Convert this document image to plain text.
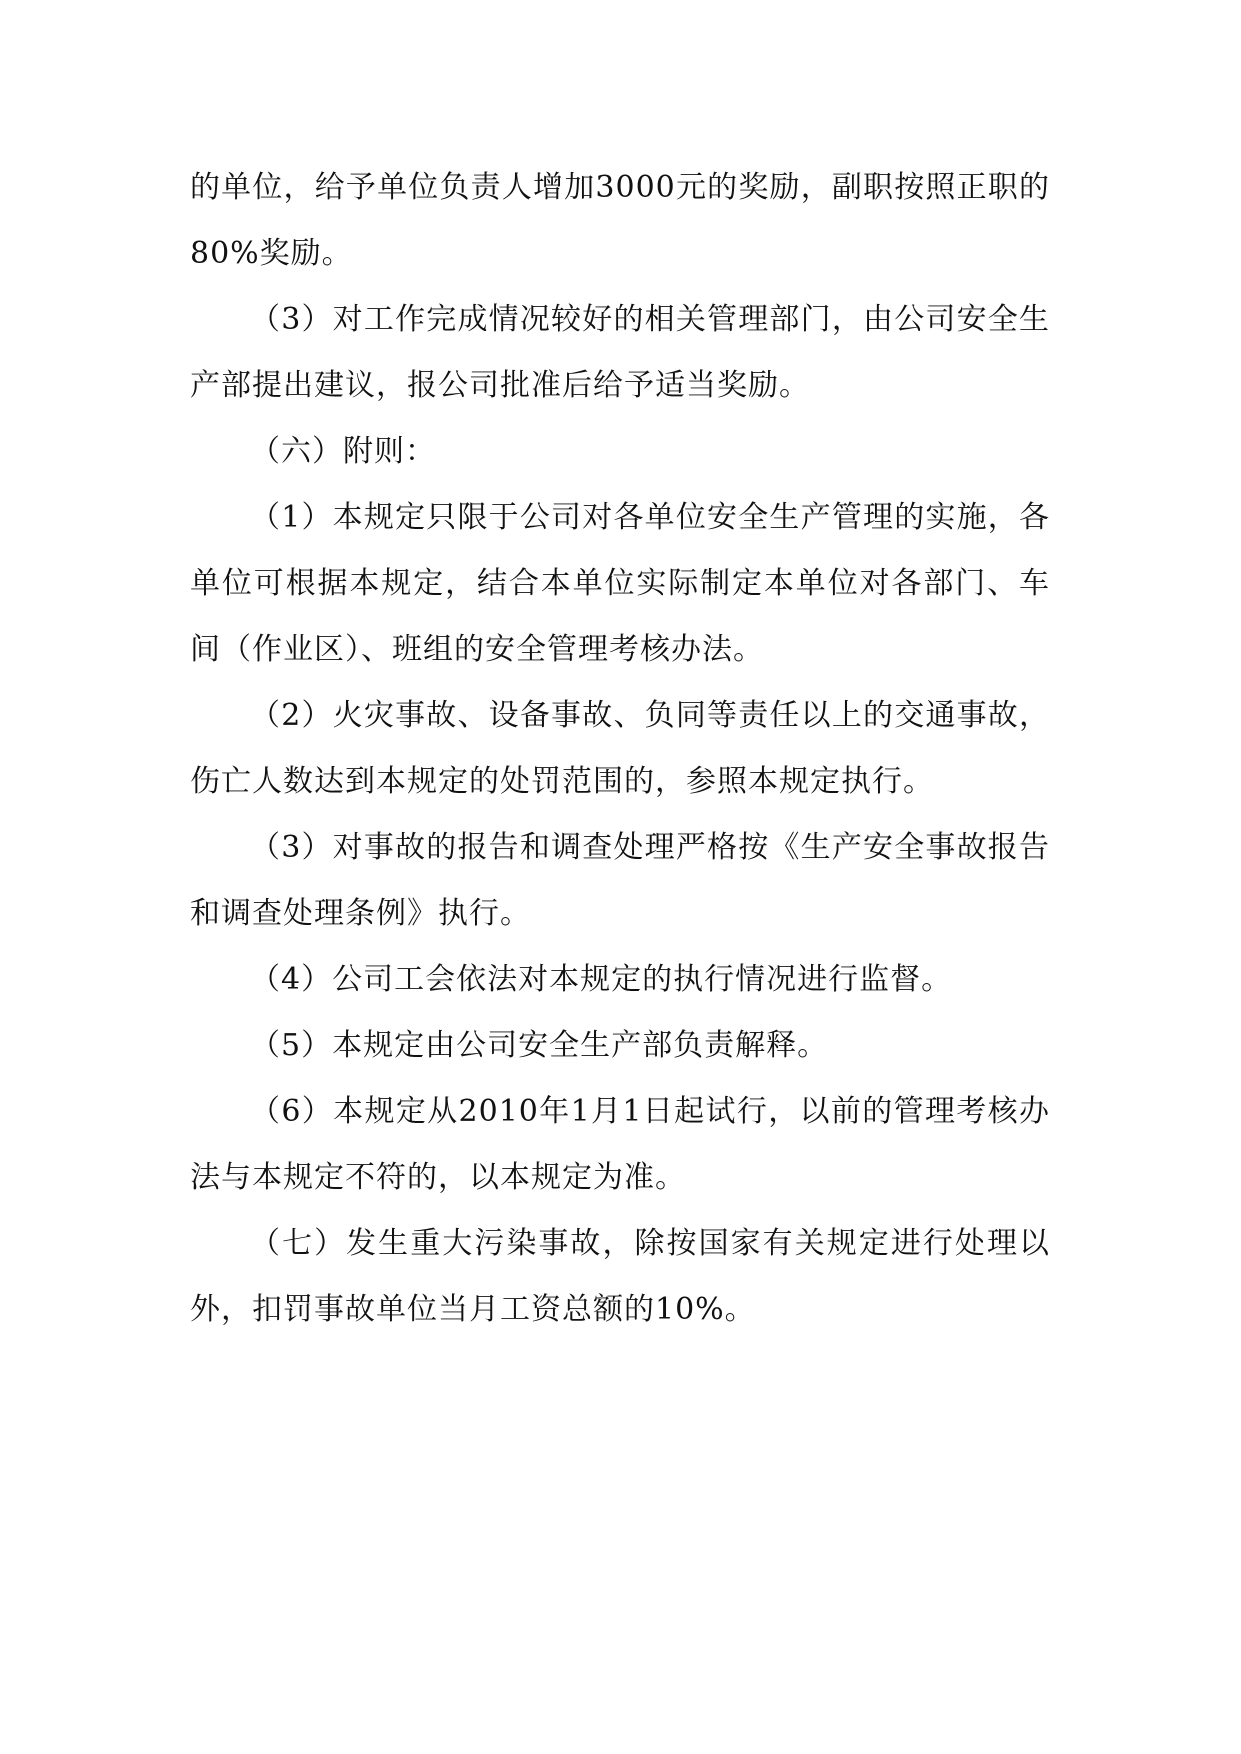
的单位，给予单位负责人增加3000元的奖励，副职按照正职的80%奖励。

（3）对工作完成情况较好的相关管理部门，由公司安全生产部提出建议，报公司批准后给予适当奖励。

（六）附则：

（1）本规定只限于公司对各单位安全生产管理的实施，各单位可根据本规定，结合本单位实际制定本单位对各部门、车间（作业区）、班组的安全管理考核办法。

（2）火灾事故、设备事故、负同等责任以上的交通事故，伤亡人数达到本规定的处罚范围的，参照本规定执行。

（3）对事故的报告和调查处理严格按《生产安全事故报告和调查处理条例》执行。

（4）公司工会依法对本规定的执行情况进行监督。

（5）本规定由公司安全生产部负责解释。

（6）本规定从2010年1月1日起试行，以前的管理考核办法与本规定不符的，以本规定为准。

（七）发生重大污染事故，除按国家有关规定进行处理以外，扣罚事故单位当月工资总额的10%。
